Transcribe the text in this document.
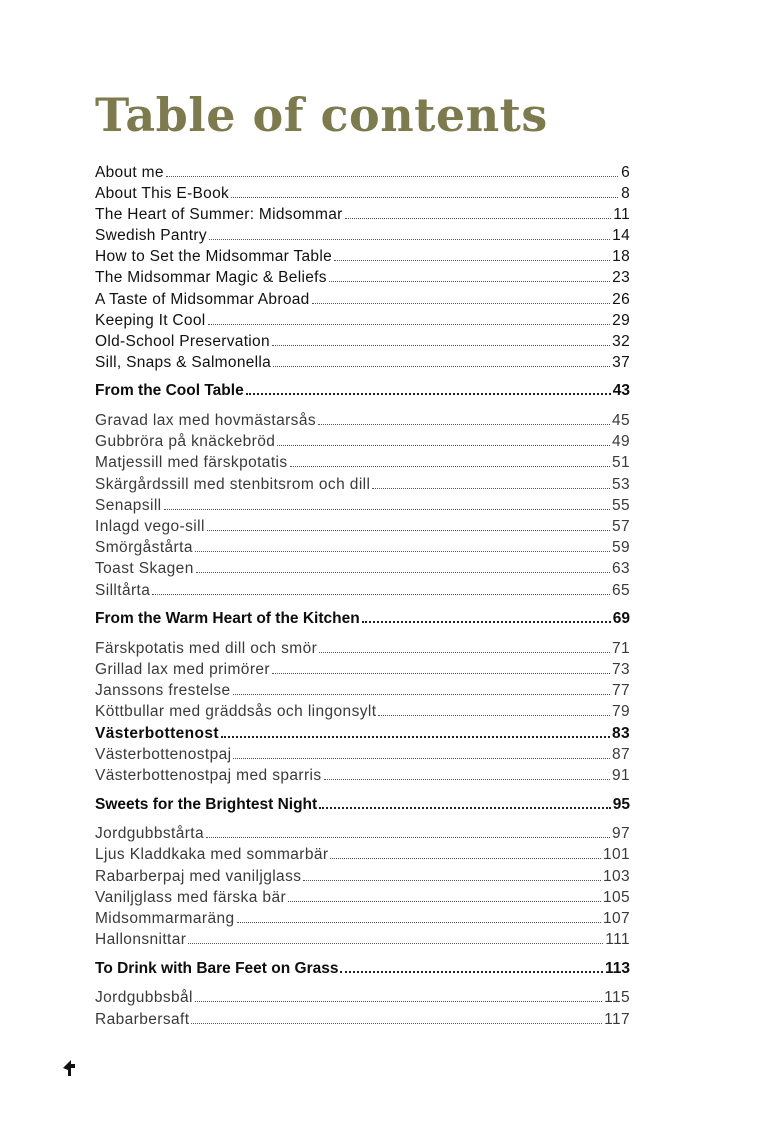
Table of contents
About me	6
About This E-Book	8
The Heart of Summer: Midsommar	11
Swedish Pantry	14
How to Set the Midsommar Table	18
The Midsommar Magic & Beliefs	23
A Taste of Midsommar Abroad	26
Keeping It Cool	29
Old-School Preservation	32
Sill, Snaps & Salmonella	37
From the Cool Table	43
Gravad lax med hovmästarsås	45
Gubbröra på knäckebröd	49
Matjessill med färskpotatis	51
Skärgårdssill med stenbitsrom och dill	53
Senapsill	55
Inlagd vego-sill	57
Smörgåstårta	59
Toast Skagen	63
Silltårta	65
From the Warm Heart of the Kitchen	69
Färskpotatis med dill och smör	71
Grillad lax med primörer	73
Janssons frestelse	77
Köttbullar med gräddsås och lingonsylt	79
Västerbottenost	83
Västerbottenostpaj	87
Västerbottenostpaj med sparris	91
Sweets for the Brightest Night	95
Jordgubbstårta	97
Ljus Kladdkaka med sommarbär	101
Rabarberpaj med vaniljglass	103
Vaniljglass med färska bär	105
Midsommarmaräng	107
Hallonsnittar	111
To Drink with Bare Feet on Grass	113
Jordgubbsbål	115
Rabarbersaft	117
